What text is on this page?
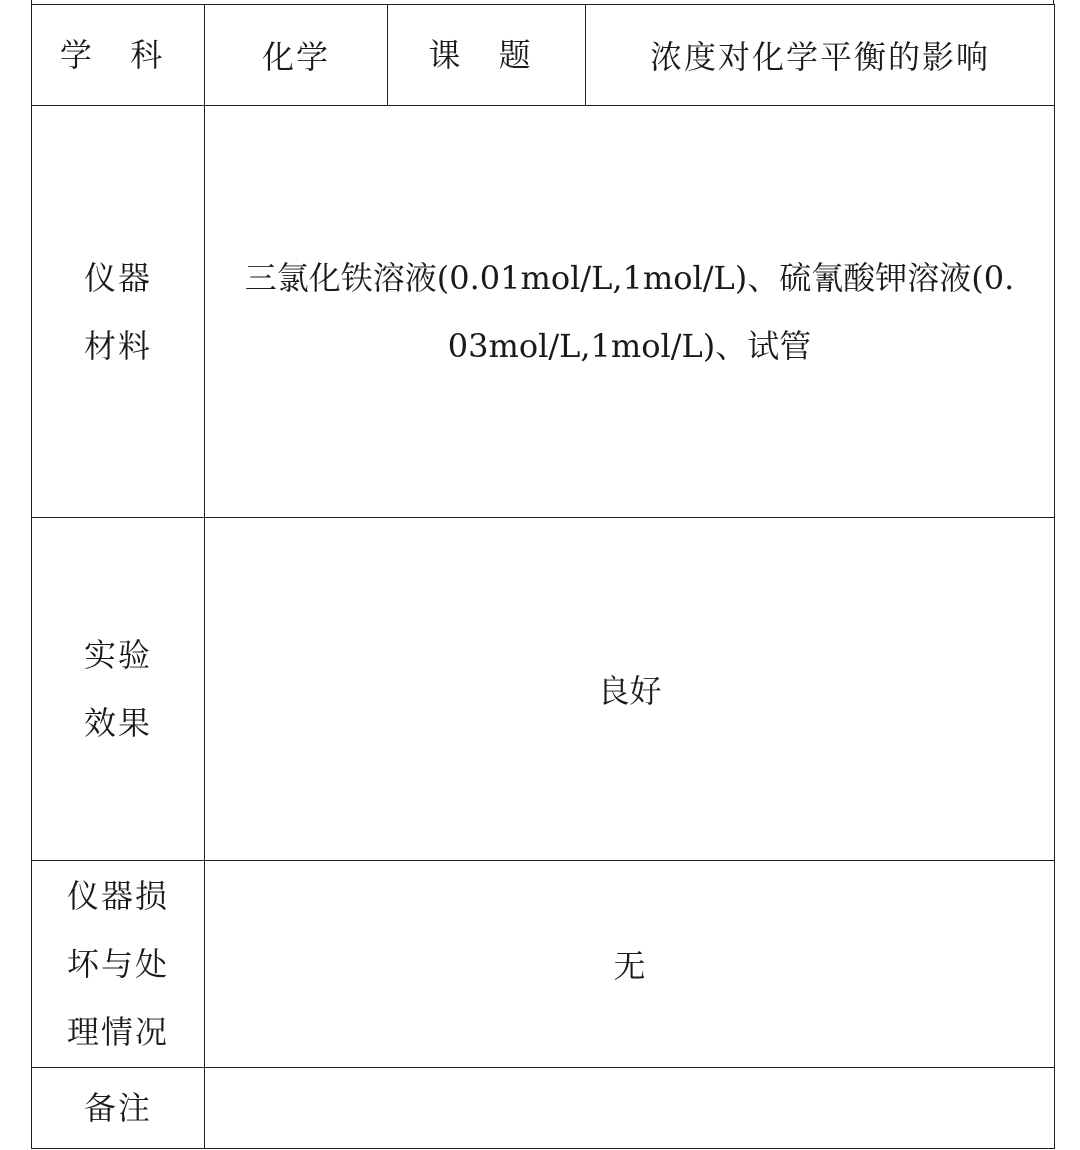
学 科	化学	课 题	浓度对化学平衡的影响
仪器
材料	三氯化铁溶液(0.01mol/L,1mol/L)、硫氰酸钾溶液(0.03mol/L,1mol/L)、试管		

实验
效果	良好		
仪器损
坏与处
理情况	无		
备注			
